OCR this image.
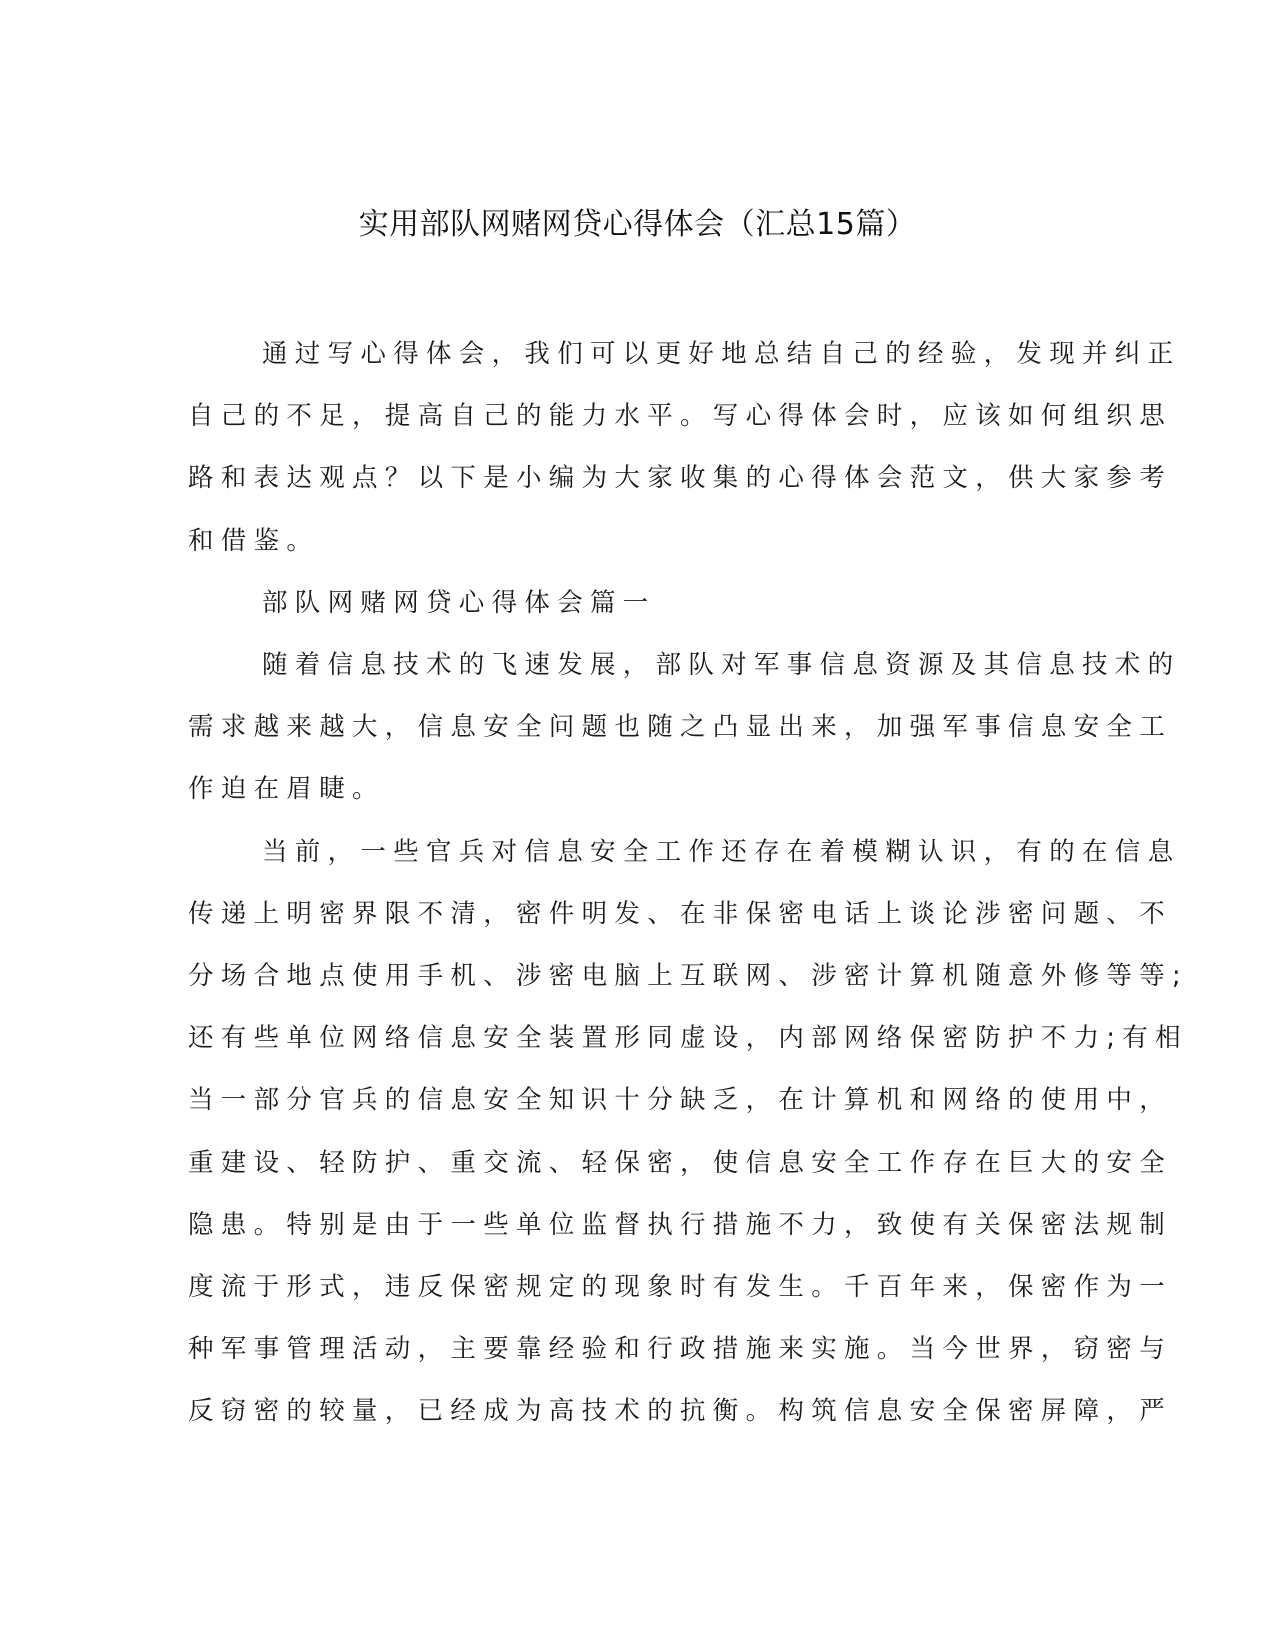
实用部队网赌网贷心得体会（汇总15篇）

通过写心得体会，我们可以更好地总结自己的经验，发现并纠正
自己的不足，提高自己的能力水平。写心得体会时，应该如何组织思
路和表达观点？以下是小编为大家收集的心得体会范文，供大家参考
和借鉴。

部队网赌网贷心得体会篇一

随着信息技术的飞速发展，部队对军事信息资源及其信息技术的
需求越来越大，信息安全问题也随之凸显出来，加强军事信息安全工
作迫在眉睫。

当前，一些官兵对信息安全工作还存在着模糊认识，有的在信息
传递上明密界限不清，密件明发、在非保密电话上谈论涉密问题、不
分场合地点使用手机、涉密电脑上互联网、涉密计算机随意外修等等;
还有些单位网络信息安全装置形同虚设，内部网络保密防护不力;有相
当一部分官兵的信息安全知识十分缺乏，在计算机和网络的使用中，
重建设、轻防护、重交流、轻保密，使信息安全工作存在巨大的安全
隐患。特别是由于一些单位监督执行措施不力，致使有关保密法规制
度流于形式，违反保密规定的现象时有发生。千百年来，保密作为一
种军事管理活动，主要靠经验和行政措施来实施。当今世界，窃密与
反窃密的较量，已经成为高技术的抗衡。构筑信息安全保密屏障，严
